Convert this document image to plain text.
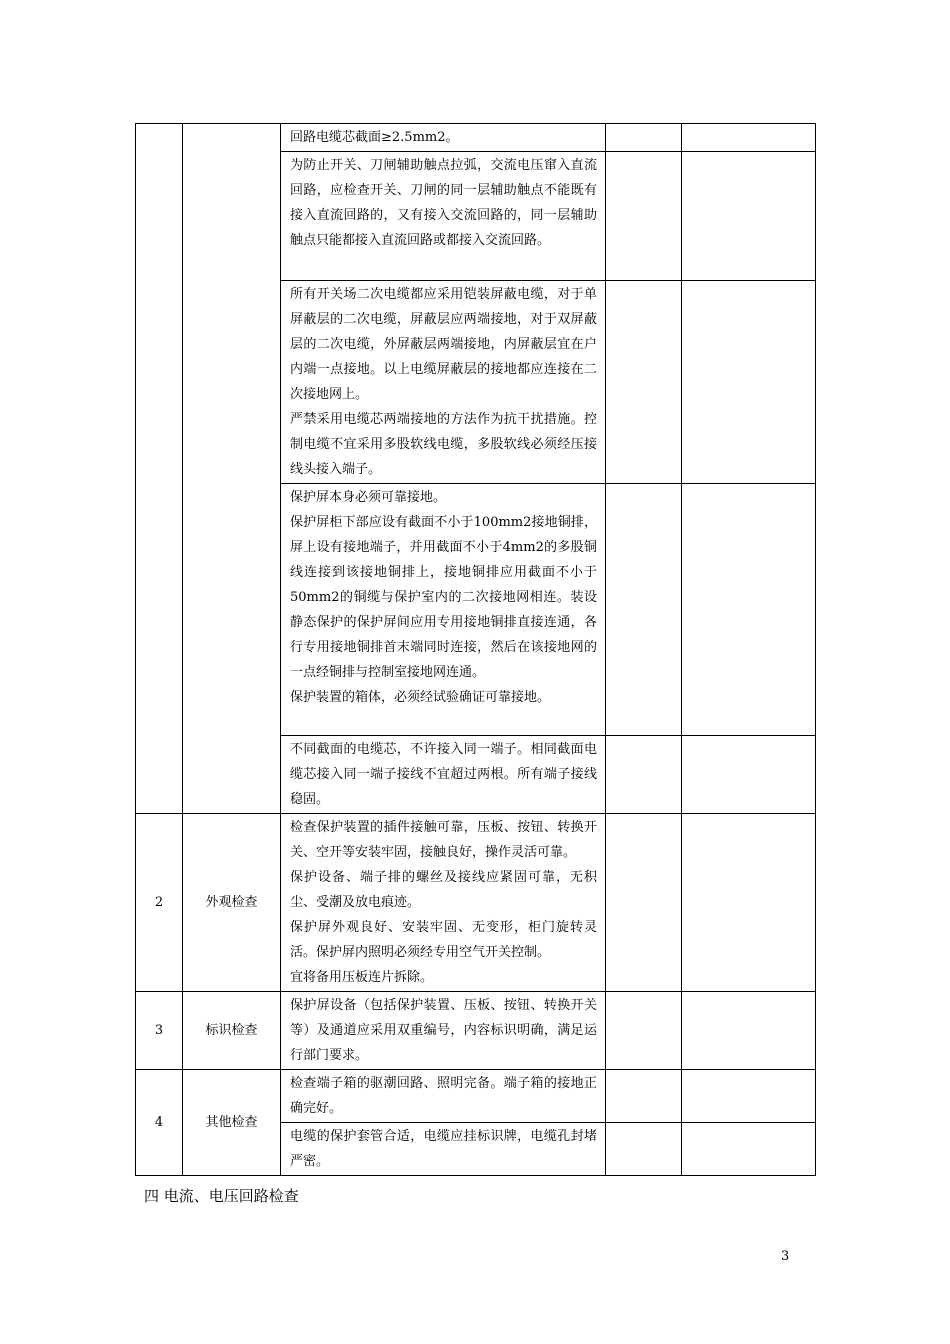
		回路电缆芯截面≥2.5mm2。		

		为防止开关、刀闸辅助触点拉弧，交流电压窜入直流回路，应检查开关、刀闸的同一层辅助触点不能既有接入直流回路的，又有接入交流回路的，同一层辅助触点只能都接入直流回路或都接入交流回路。		

		所有开关场二次电缆都应采用铠装屏蔽电缆，对于单屏蔽层的二次电缆，屏蔽层应两端接地，对于双屏蔽层的二次电缆，外屏蔽层两端接地，内屏蔽层宜在户内端一点接地。以上电缆屏蔽层的接地都应连接在二次接地网上。

严禁采用电缆芯两端接地的方法作为抗干扰措施。控制电缆不宜采用多股软线电缆，多股软线必须经压接线头接入端子。		

		保护屏本身必须可靠接地。

保护屏柜下部应设有截面不小于100mm2接地铜排，屏上设有接地端子，并用截面不小于4mm2的多股铜线连接到该接地铜排上，接地铜排应用截面不小于50mm2的铜缆与保护室内的二次接地网相连。装设静态保护的保护屏间应用专用接地铜排直接连通，各行专用接地铜排首末端同时连接，然后在该接地网的一点经铜排与控制室接地网连通。

保护装置的箱体，必须经试验确证可靠接地。		

		不同截面的电缆芯，不许接入同一端子。相同截面电缆芯接入同一端子接线不宜超过两根。所有端子接线稳固。		

2	外观检查	检查保护装置的插件接触可靠，压板、按钮、转换开关、空开等安装牢固，接触良好，操作灵活可靠。

保护设备、端子排的螺丝及接线应紧固可靠，无积尘、受潮及放电痕迹。

保护屏外观良好、安装牢固、无变形，柜门旋转灵活。保护屏内照明必须经专用空气开关控制。

宜将备用压板连片拆除。		

3	标识检查	保护屏设备（包括保护装置、压板、按钮、转换开关等）及通道应采用双重编号，内容标识明确，满足运行部门要求。		

4	其他检查	检查端子箱的驱潮回路、照明完备。端子箱的接地正确完好。		

		电缆的保护套管合适，电缆应挂标识牌，电缆孔封堵严密。		

四 电流、电压回路检查
3
